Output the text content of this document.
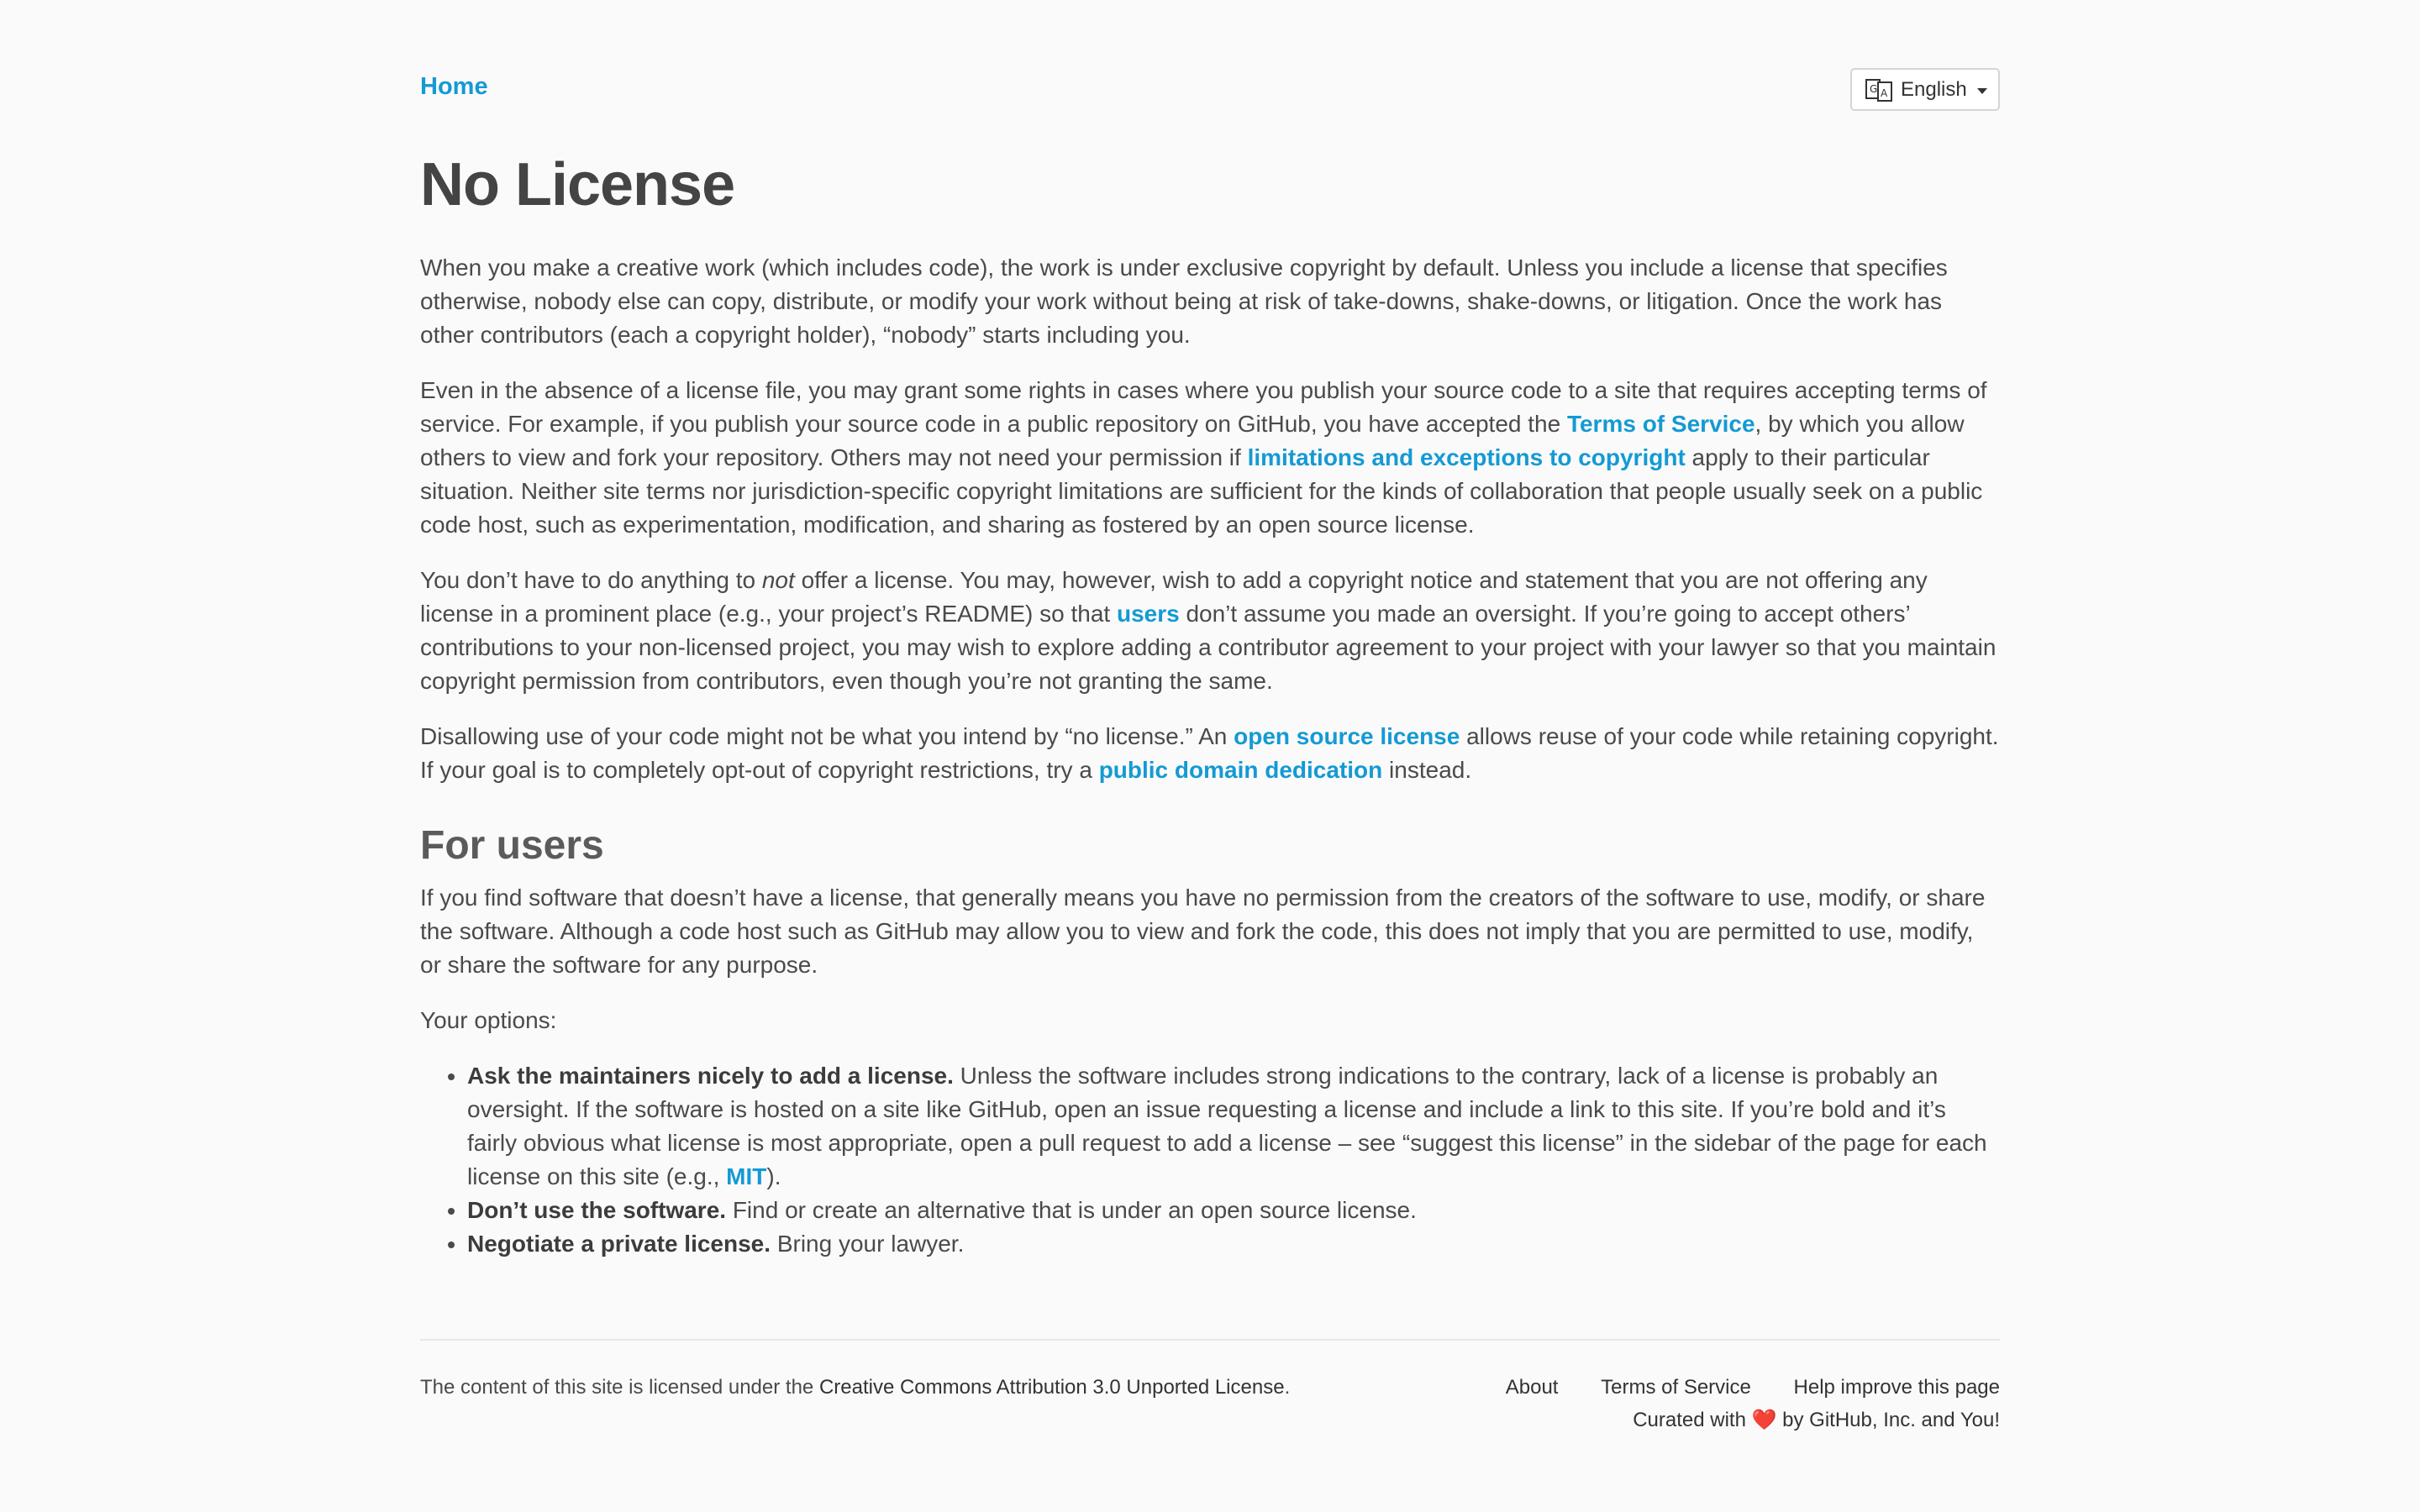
Home	G A English
No License

When you make a creative work (which includes code), the work is under exclusive copyright by default. Unless you include a license that specifies otherwise, nobody else can copy, distribute, or modify your work without being at risk of take-downs, shake-downs, or litigation. Once the work has other contributors (each a copyright holder), “nobody” starts including you.

Even in the absence of a license file, you may grant some rights in cases where you publish your source code to a site that requires accepting terms of service. For example, if you publish your source code in a public repository on GitHub, you have accepted the Terms of Service, by which you allow others to view and fork your repository. Others may not need your permission if limitations and exceptions to copyright apply to their particular situation. Neither site terms nor jurisdiction-specific copyright limitations are sufficient for the kinds of collaboration that people usually seek on a public code host, such as experimentation, modification, and sharing as fostered by an open source license.

You don’t have to do anything to not offer a license. You may, however, wish to add a copyright notice and statement that you are not offering any license in a prominent place (e.g., your project’s README) so that users don’t assume you made an oversight. If you’re going to accept others’ contributions to your non-licensed project, you may wish to explore adding a contributor agreement to your project with your lawyer so that you maintain copyright permission from contributors, even though you’re not granting the same.

Disallowing use of your code might not be what you intend by “no license.” An open source license allows reuse of your code while retaining copyright. If your goal is to completely opt-out of copyright restrictions, try a public domain dedication instead.

For users

If you find software that doesn’t have a license, that generally means you have no permission from the creators of the software to use, modify, or share the software. Although a code host such as GitHub may allow you to view and fork the code, this does not imply that you are permitted to use, modify, or share the software for any purpose.

Your options:

• Ask the maintainers nicely to add a license. Unless the software includes strong indications to the contrary, lack of a license is probably an oversight. If the software is hosted on a site like GitHub, open an issue requesting a license and include a link to this site. If you’re bold and it’s fairly obvious what license is most appropriate, open a pull request to add a license – see “suggest this license” in the sidebar of the page for each license on this site (e.g., MIT).
• Don’t use the software. Find or create an alternative that is under an open source license.
• Negotiate a private license. Bring your lawyer.
The content of this site is licensed under the Creative Commons Attribution 3.0 Unported License.	About Terms of Service Help improve this page
Curated with ❤️ by GitHub, Inc. and You!
